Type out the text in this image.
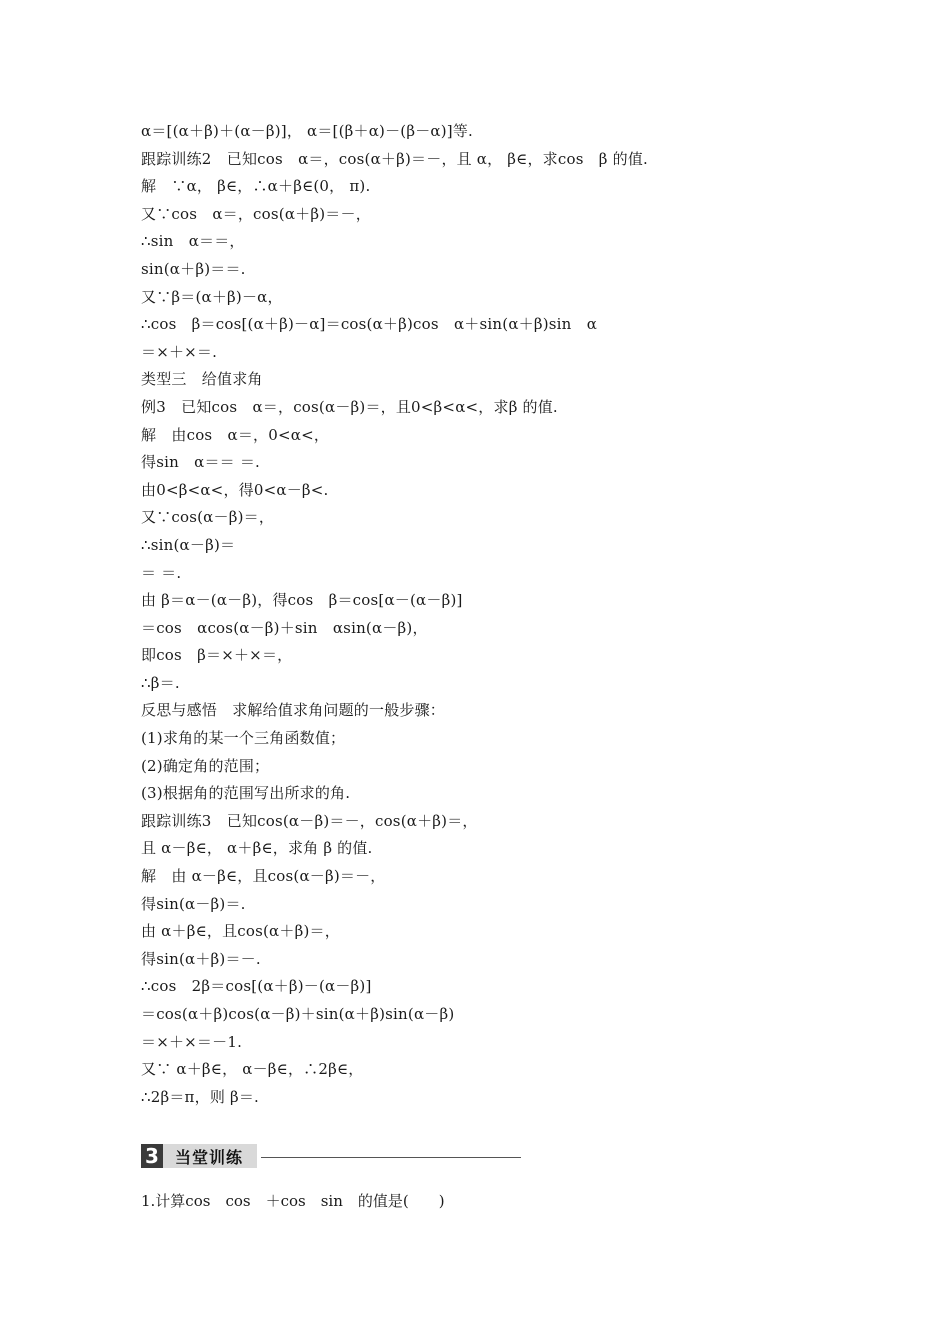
α＝[(α＋β)＋(α－β)]， α＝[(β＋α)－(β－α)]等.
跟踪训练2　已知cos　α＝，cos(α＋β)＝－，且 α， β∈，求cos　β 的值.
解　∵α， β∈，∴α＋β∈(0， π).
又∵cos　α＝，cos(α＋β)＝－，
∴sin　α＝＝，
sin(α＋β)＝＝.
又∵β＝(α＋β)－α，
∴cos　β＝cos[(α＋β)－α]＝cos(α＋β)cos　α＋sin(α＋β)sin　α
＝×＋×＝.
类型三　给值求角
例3　已知cos　α＝，cos(α－β)＝，且0<β<α<，求β 的值.
解　由cos　α＝，0<α<，
得sin　α＝＝ ＝.
由0<β<α<，得0<α－β<.
又∵cos(α－β)＝，
∴sin(α－β)＝
＝ ＝.
由 β＝α－(α－β)，得cos　β＝cos[α－(α－β)]
＝cos　αcos(α－β)＋sin　αsin(α－β)，
即cos　β＝×＋×＝，
∴β＝.
反思与感悟　求解给值求角问题的一般步骤：
(1)求角的某一个三角函数值；
(2)确定角的范围；
(3)根据角的范围写出所求的角.
跟踪训练3　已知cos(α－β)＝－，cos(α＋β)＝，
且 α－β∈， α＋β∈，求角 β 的值.
解　由 α－β∈，且cos(α－β)＝－，
得sin(α－β)＝.
由 α＋β∈，且cos(α＋β)＝，
得sin(α＋β)＝－.
∴cos　2β＝cos[(α＋β)－(α－β)]
＝cos(α＋β)cos(α－β)＋sin(α＋β)sin(α－β)
＝×＋×＝－1.
又∵ α＋β∈， α－β∈，∴2β∈，
∴2β＝π，则 β＝.
3	当堂训练
1.计算cos　cos　＋cos　sin　的值是(　　)
